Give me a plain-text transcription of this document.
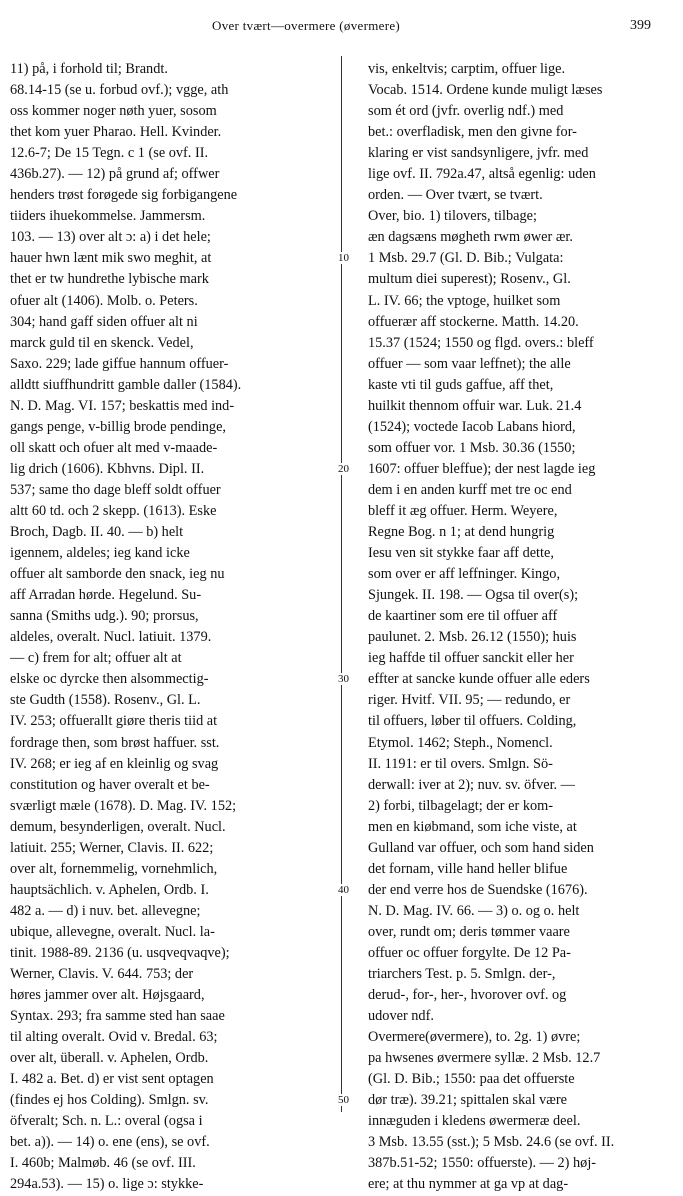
Over tvært—overmere (øvermere)	399
11) på, i forhold til; Brandt.
68.14-15 (se u. forbud ovf.); vgge, ath
oss kommer noger nøth yuer, sosom
thet kom yuer Pharao. Hell. Kvinder.
12.6-7; De 15 Tegn. c 1 (se ovf. II.
436b.27). — 12) på grund af; offwer
henders trøst forøgede sig forbigangene
tiiders ihuekommelse. Jammersm.
103. — 13) over alt ɔ: a) i det hele;
hauer hwn lænt mik swo meghit, at
thet er tw hundrethe lybische mark
ofuer alt (1406). Molb. o. Peters.
304; hand gaff siden offuer alt ni
marck guld til en skenck. Vedel,
Saxo. 229; lade giffue hannum offuer-
alldtt siuffhundritt gamble daller (1584).
N. D. Mag. VI. 157; beskattis med ind-
gangs penge, v-billig brode pendinge,
oll skatt och ofuer alt med v-maade-
lig drich (1606). Kbhvns. Dipl. II.
537; same tho dage bleff soldt offuer
altt 60 td. och 2 skepp. (1613). Eske
Broch, Dagb. II. 40. — b) helt
igennem, aldeles; ieg kand icke
offuer alt samborde den snack, ieg nu
aff Arradan hørde. Hegelund. Su-
sanna (Smiths udg.). 90; prorsus,
aldeles, overalt. Nucl. latiuit. 1379.
— c) frem for alt; offuer alt at
elske oc dyrcke then alsommectig-
ste Gudth (1558). Rosenv., Gl. L.
IV. 253; offuerallt giøre theris tiid at
fordrage then, som brøst haffuer. sst.
IV. 268; er ieg af en kleinlig og svag
constitution og haver overalt et be-
sværligt mæle (1678). D. Mag. IV. 152;
demum, besynderligen, overalt. Nucl.
latiuit. 255; Werner, Clavis. II. 622;
over alt, fornemmelig, vornehmlich,
hauptsächlich. v. Aphelen, Ordb. I.
482 a. — d) i nuv. bet. allevegne;
ubique, allevegne, overalt. Nucl. la-
tinit. 1988-89. 2136 (u. usqveqvaqve);
Werner, Clavis. V. 644. 753; der
høres jammer over alt. Højsgaard,
Syntax. 293; fra samme sted han saae
til alting overalt. Ovid v. Bredal. 63;
over alt, überall. v. Aphelen, Ordb.
I. 482 a. Bet. d) er vist sent optagen
(findes ej hos Colding). Smlgn. sv.
öfveralt; Sch. n. L.: overal (ogsa i
bet. a)). — 14) o. ene (ens), se ovf.
I. 460b; Malmøb. 46 (se ovf. III.
294a.53). — 15) o. lige ɔ: stykke-
10
20
30
40
50
vis, enkeltvis; carptim, offuer lige.
Vocab. 1514. Ordene kunde muligt læses
som ét ord (jvfr. overlig ndf.) med
bet.: overfladisk, men den givne for-
klaring er vist sandsynligere, jvfr. med
lige ovf. II. 792a.47, altså egenlig: uden
orden. — Over tvært, se tvært.
Over, bio. 1) tilovers, tilbage;
æn dagsæns møgheth rwm øwer ær.
1 Msb. 29.7 (Gl. D. Bib.; Vulgata:
multum diei superest); Rosenv., Gl.
L. IV. 66; the vptoge, huilket som
offuerær aff stockerne. Matth. 14.20.
15.37 (1524; 1550 og flgd. overs.: bleff
offuer — som vaar leffnet); the alle
kaste vti til guds gaffue, aff thet,
huilkit thennom offuir war. Luk. 21.4
(1524); voctede Iacob Labans hiord,
som offuer vor. 1 Msb. 30.36 (1550;
1607: offuer bleffue); der nest lagde ieg
dem i en anden kurff met tre oc end
bleff it æg offuer. Herm. Weyere,
Regne Bog. n 1; at dend hungrig
Iesu ven sit stykke faar aff dette,
som over er aff leffninger. Kingo,
Sjungek. II. 198. — Ogsa til over(s);
de kaartiner som ere til offuer aff
paulunet. 2. Msb. 26.12 (1550); huis
ieg haffde til offuer sanckit eller her
effter at sancke kunde offuer alle eders
riger. Hvitf. VII. 95; — redundo, er
til offuers, løber til offuers. Colding,
Etymol. 1462; Steph., Nomencl.
II. 1191: er til overs. Smlgn. Sö-
derwall: iver at 2); nuv. sv. öfver. —
2) forbi, tilbagelagt; der er kom-
men en kiøbmand, som iche viste, at
Gulland var offuer, och som hand siden
det fornam, ville hand heller blifue
der end verre hos de Suendske (1676).
N. D. Mag. IV. 66. — 3) o. og o. helt
over, rundt om; deris tømmer vaare
offuer oc offuer forgylte. De 12 Pa-
triarchers Test. p. 5. Smlgn. der-,
derud-, for-, her-, hvorover ovf. og
udover ndf.
Overmere(øvermere), to. 2g. 1) øvre;
pa hwsenes øvermere syllæ. 2 Msb. 12.7
(Gl. D. Bib.; 1550: paa det offuerste
dør træ). 39.21; spittalen skal være
innæguden i kledens øwermeræ deel.
3 Msb. 13.55 (sst.); 5 Msb. 24.6 (se ovf. II.
387b.51-52; 1550: offuerste). — 2) høj-
ere; at thu nymmer at ga vp at dag-
